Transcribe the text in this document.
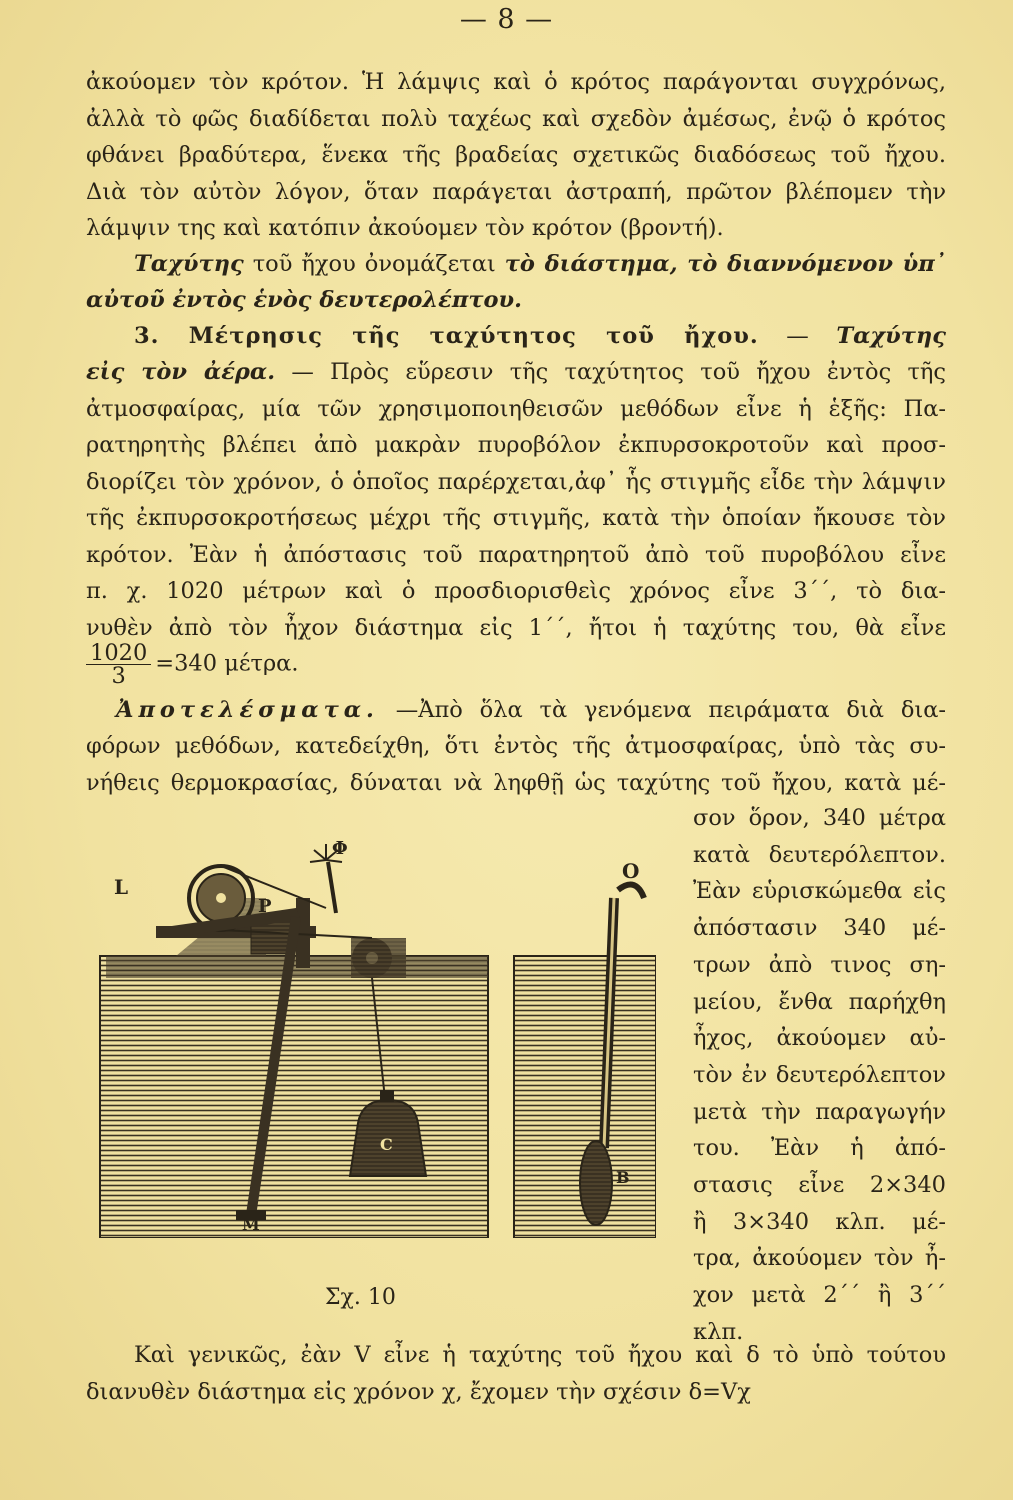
— 8 —
ἀκούομεν τὸν κρότον. Ἡ λάμψις καὶ ὁ κρότος παράγονται συγχρόνως,
ἀλλὰ τὸ φῶς διαδίδεται πολὺ ταχέως καὶ σχεδὸν ἀμέσως, ἐνῷ ὁ κρότος
φθάνει βραδύτερα, ἕνεκα τῆς βραδείας σχετικῶς διαδόσεως τοῦ ἤχου.
Διὰ τὸν αὐτὸν λόγον, ὅταν παράγεται ἀστραπή, πρῶτον βλέπομεν τὴν
λάμψιν της καὶ κατόπιν ἀκούομεν τὸν κρότον (βροντή).
Ταχύτης τοῦ ἤχου ὀνομάζεται τὸ διάστημα, τὸ διαννόμενον ὑπ᾿
αὐτοῦ ἐντὸς ἑνὸς δευτερολέπτου.
3. Μέτρησις τῆς ταχύτητος τοῦ ἤχου. — Ταχύτης
εἰς τὸν ἀέρα. — Πρὸς εὕρεσιν τῆς ταχύτητος τοῦ ἤχου ἐντὸς τῆς
ἀτμοσφαίρας, μία τῶν χρησιμοποιηθεισῶν μεθόδων εἶνε ἡ ἑξῆς: Πα-
ρατηρητὴς βλέπει ἀπὸ μακρὰν πυροβόλον ἐκπυρσοκροτοῦν καὶ προσ-
διορίζει τὸν χρόνον, ὁ ὁποῖος παρέρχεται,ἀφ᾿ ἧς στιγμῆς εἶδε τὴν λάμψιν
τῆς ἐκπυρσοκροτήσεως μέχρι τῆς στιγμῆς, κατὰ τὴν ὁποίαν ἤκουσε τὸν
κρότον. Ἐὰν ἡ ἀπόστασις τοῦ παρατηρητοῦ ἀπὸ τοῦ πυροβόλου εἶνε
π. χ. 1020 μέτρων καὶ ὁ προσδιορισθεὶς χρόνος εἶνε 3΄΄, τὸ δια-
νυθὲν ἀπὸ τὸν ἦχον διάστημα εἰς 1΄΄, ἤτοι ἡ ταχύτης του, θὰ εἶνε
$\frac{1020}{3} =340$ μέτρα.
Ἀποτελέσματα. —Ἀπὸ ὅλα τὰ γενόμενα πειράματα διὰ δια-
φόρων μεθόδων, κατεδείχθη, ὅτι ἐντὸς τῆς ἀτμοσφαίρας, ὑπὸ τὰς συ-
νήθεις θερμοκρασίας, δύναται νὰ ληφθῇ ὡς ταχύτης τοῦ ἤχου, κατὰ μέ-
σον ὅρον, 340 μέτρα
κατὰ δευτερόλεπτον.
Ἐὰν εὑρισκώμεθα εἰς
ἀπόστασιν 340 μέ-
τρων ἀπὸ τινος ση-
μείου, ἔνθα παρήχθη
ἦχος, ἀκούομεν αὐ-
τὸν ἐν δευτερόλεπτον
μετὰ τὴν παραγωγήν
του. Ἐὰν ἡ ἀπό-
στασις εἶνε 2×340
ἢ 3×340 κλπ. μέ-
τρα, ἀκούομεν τὸν ἦ-
χον μετὰ 2΄΄ ἢ 3΄΄
κλπ.
L
P
Φ
M
C
O
B
Σχ. 10
Καὶ γενικῶς, ἐὰν V εἶνε ἡ ταχύτης τοῦ ἤχου καὶ δ τὸ ὑπὸ τούτου
διανυθὲν διάστημα εἰς χρόνον χ, ἔχομεν τὴν σχέσιν δ=Vχ
